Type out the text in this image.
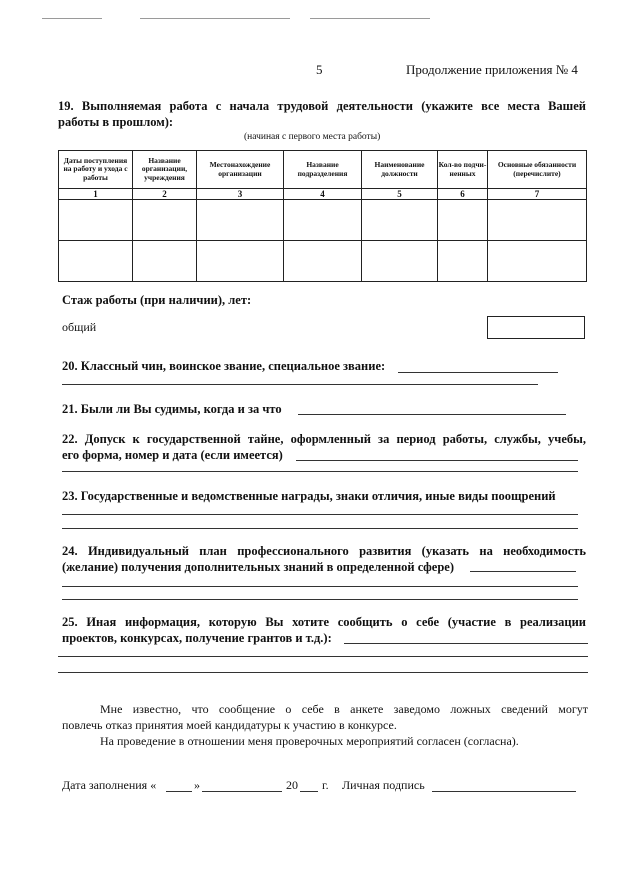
5	Продолжение приложения № 4
19. Выполняемая работа с начала трудовой деятельности (укажите все места Вашей
работы в прошлом):
(начиная с первого места работы)
Даты поступления на работу и ухода с работы	Название организации, учреждения	Местонахождение организации	Название подразделения	Наименование должности	Кол-во подчи-ненных	Основные обязанности (перечислите)
1	2	3	4	5	6	7

Стаж работы (при наличии), лет:
общий
20. Классный чин, воинское звание, специальное звание:
21. Были ли Вы судимы, когда и за что
22. Допуск к государственной тайне, оформленный за период работы, службы, учебы,
его форма, номер и дата (если имеется)
23. Государственные и ведомственные награды, знаки отличия, иные виды поощрений
24. Индивидуальный план профессионального развития (указать на необходимость
(желание) получения дополнительных знаний в определенной сфере)
25. Иная информация, которую Вы хотите сообщить о себе (участие в реализации
проектов, конкурсах, получение грантов и т.д.):
Мне известно, что сообщение о себе в анкете заведомо ложных сведений могут
повлечь отказ принятия моей кандидатуры к участию в конкурсе.
На проведение в отношении меня проверочных мероприятий согласен (согласна).
Дата заполнения «	»	20 г. Личная подпись
